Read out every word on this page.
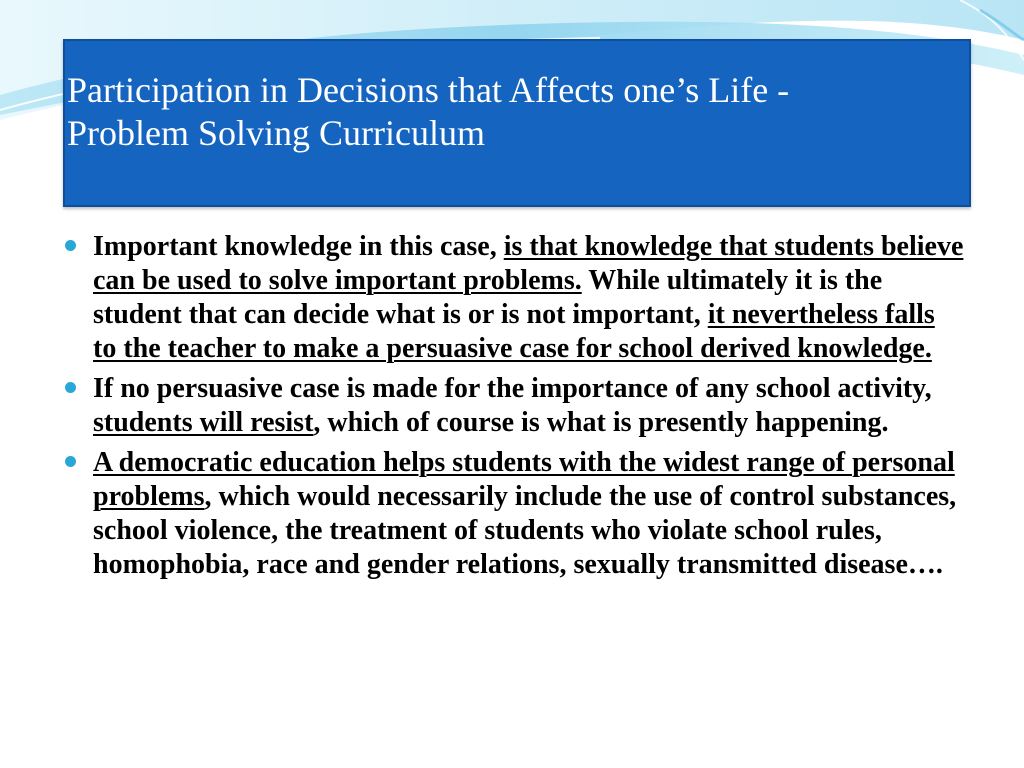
Participation in Decisions that Affects one’s Life -
Problem Solving Curriculum
Important knowledge in this case, is that knowledge that students believe can be used to solve important problems. While ultimately it is the student that can decide what is or is not important, it nevertheless falls to the teacher to make a persuasive case for school derived knowledge.
If no persuasive case is made for the importance of any school activity, students will resist, which of course is what is presently happening.
A democratic education helps students with the widest range of personal problems, which would necessarily include the use of control substances, school violence, the treatment of students who violate school rules, homophobia, race and gender relations, sexually transmitted disease….
